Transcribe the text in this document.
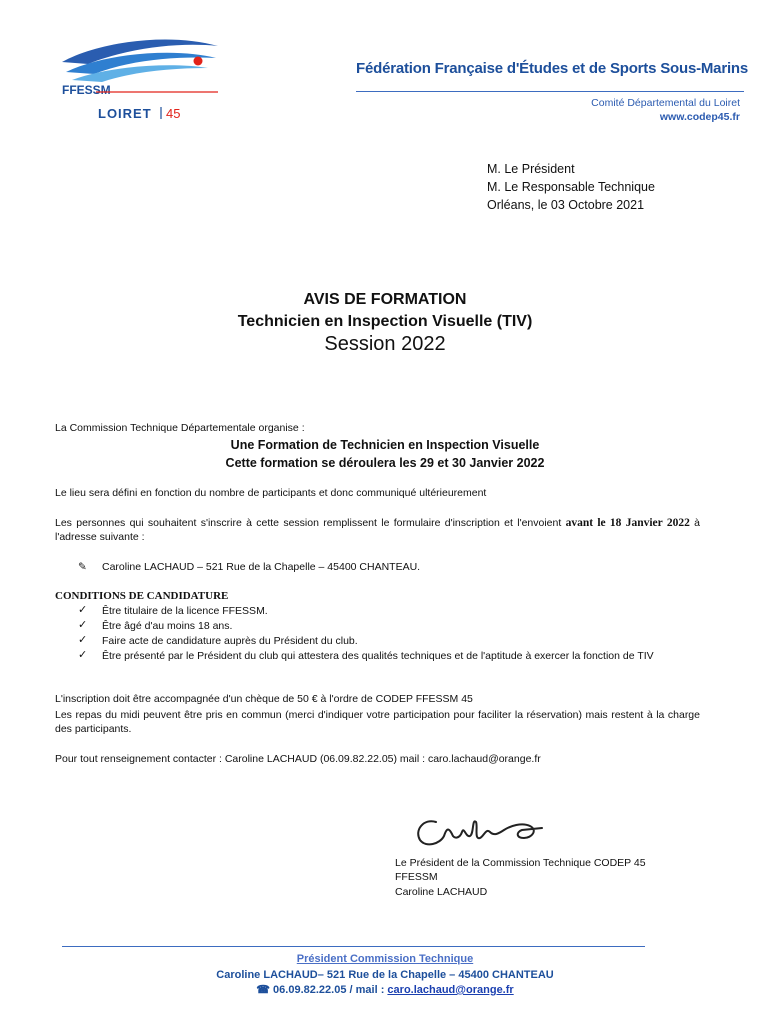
FFESSM
LOIRET 45
Fédération Française d'Études et de Sports Sous-Marins
Comité Départemental du Loiret
www.codep45.fr
M. Le Président
M. Le Responsable Technique
Orléans, le 03 Octobre 2021
AVIS DE FORMATION
Technicien en Inspection Visuelle (TIV)
Session 2022
La Commission Technique Départementale organise :
Une Formation de Technicien en Inspection Visuelle
Cette formation se déroulera les 29 et 30 Janvier 2022
Le lieu sera défini en fonction du nombre de participants et donc communiqué ultérieurement
Les personnes qui souhaitent s'inscrire à cette session remplissent le formulaire d'inscription et l'envoient avant le 18 Janvier 2022 à l'adresse suivante :
✎ Caroline LACHAUD – 521 Rue de la Chapelle – 45400 CHANTEAU.
CONDITIONS DE CANDIDATURE
✓ Être titulaire de la licence FFESSM.
✓ Être âgé d'au moins 18 ans.
✓ Faire acte de candidature auprès du Président du club.
✓ Être présenté par le Président du club qui attestera des qualités techniques et de l'aptitude à exercer la fonction de TIV
L'inscription doit être accompagnée d'un chèque de 50 € à l'ordre de CODEP FFESSM 45
Les repas du midi peuvent être pris en commun (merci d'indiquer votre participation pour faciliter la réservation) mais restent à la charge des participants.
Pour tout renseignement contacter : Caroline LACHAUD (06.09.82.22.05) mail : caro.lachaud@orange.fr
Le Président de la Commission Technique CODEP 45
FFESSM
Caroline LACHAUD
Président Commission Technique
Caroline LACHAUD– 521 Rue de la Chapelle – 45400 CHANTEAU
☎ 06.09.82.22.05 / mail : caro.lachaud@orange.fr
